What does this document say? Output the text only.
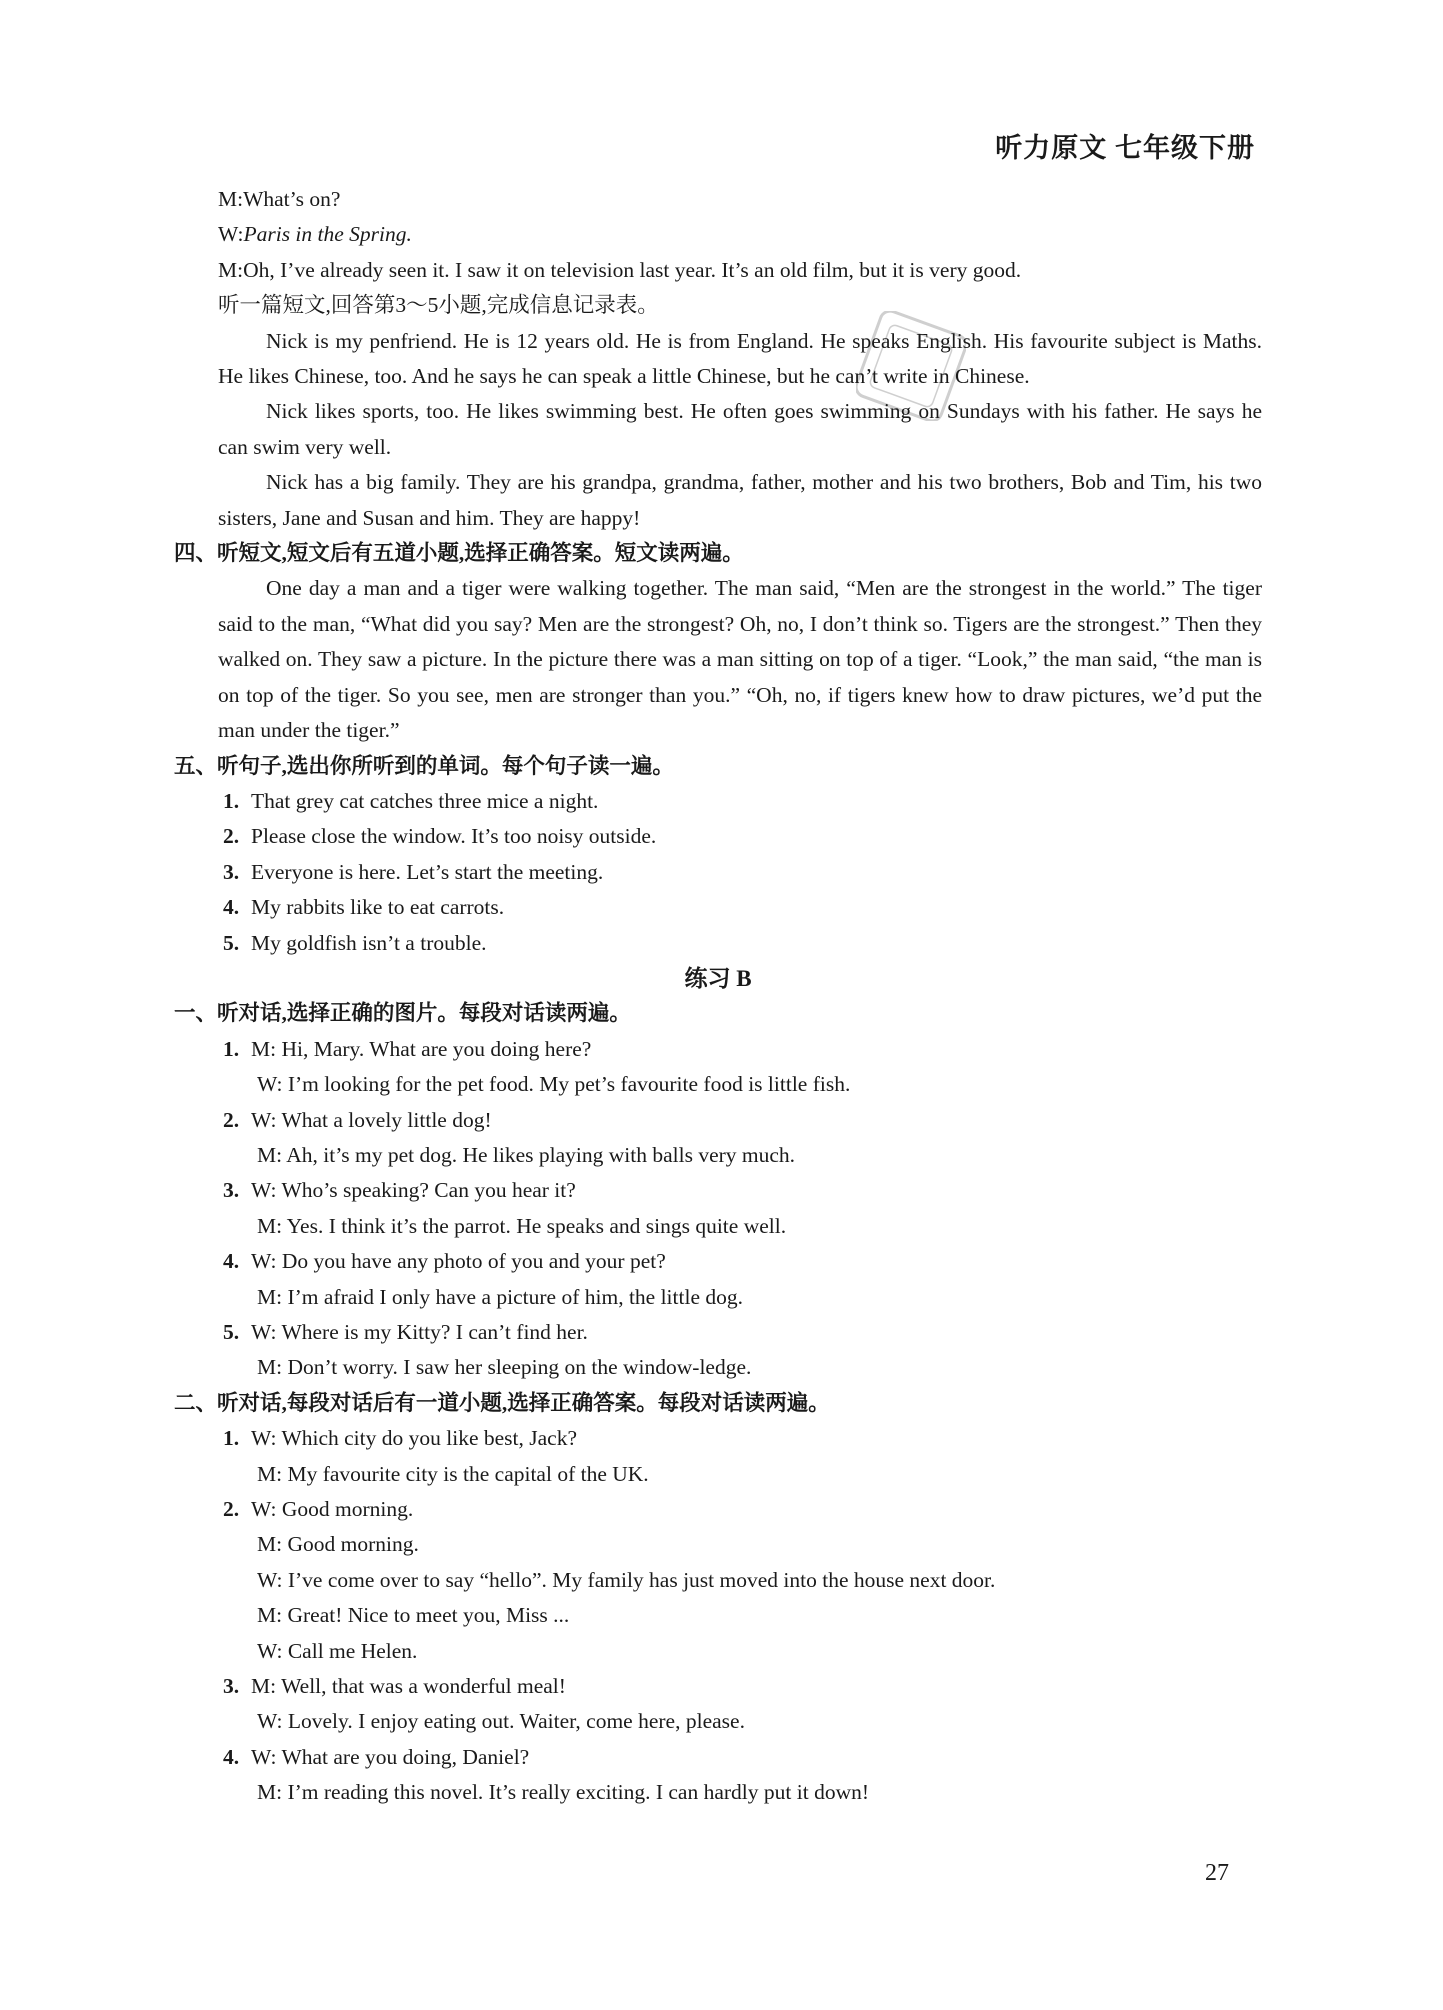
听力原文 七年级下册
M:What’s on?
W:Paris in the Spring.
M:Oh, I’ve already seen it. I saw it on television last year. It’s an old film, but it is very good.
听一篇短文,回答第3～5小题,完成信息记录表。
Nick is my penfriend. He is 12 years old. He is from England. He speaks English. His favourite subject is Maths. He likes Chinese, too. And he says he can speak a little Chinese, but he can’t write in Chinese.
Nick likes sports, too. He likes swimming best. He often goes swimming on Sundays with his father. He says he can swim very well.
Nick has a big family. They are his grandpa, grandma, father, mother and his two brothers, Bob and Tim, his two sisters, Jane and Susan and him. They are happy!
四、听短文,短文后有五道小题,选择正确答案。短文读两遍。
One day a man and a tiger were walking together. The man said, “Men are the strongest in the world.” The tiger said to the man, “What did you say? Men are the strongest? Oh, no, I don’t think so. Tigers are the strongest.” Then they walked on. They saw a picture. In the picture there was a man sitting on top of a tiger. “Look,” the man said, “the man is on top of the tiger. So you see, men are stronger than you.” “Oh, no, if tigers knew how to draw pictures, we’d put the man under the tiger.”
五、听句子,选出你所听到的单词。每个句子读一遍。
1. That grey cat catches three mice a night.
2. Please close the window. It’s too noisy outside.
3. Everyone is here. Let’s start the meeting.
4. My rabbits like to eat carrots.
5. My goldfish isn’t a trouble.
练习 B
一、听对话,选择正确的图片。每段对话读两遍。
1. M: Hi, Mary. What are you doing here?
W: I’m looking for the pet food. My pet’s favourite food is little fish.
2. W: What a lovely little dog!
M: Ah, it’s my pet dog. He likes playing with balls very much.
3. W: Who’s speaking? Can you hear it?
M: Yes. I think it’s the parrot. He speaks and sings quite well.
4. W: Do you have any photo of you and your pet?
M: I’m afraid I only have a picture of him, the little dog.
5. W: Where is my Kitty? I can’t find her.
M: Don’t worry. I saw her sleeping on the window-ledge.
二、听对话,每段对话后有一道小题,选择正确答案。每段对话读两遍。
1. W: Which city do you like best, Jack?
M: My favourite city is the capital of the UK.
2. W: Good morning.
M: Good morning.
W: I’ve come over to say “hello”. My family has just moved into the house next door.
M: Great! Nice to meet you, Miss ...
W: Call me Helen.
3. M: Well, that was a wonderful meal!
W: Lovely. I enjoy eating out. Waiter, come here, please.
4. W: What are you doing, Daniel?
M: I’m reading this novel. It’s really exciting. I can hardly put it down!
27
